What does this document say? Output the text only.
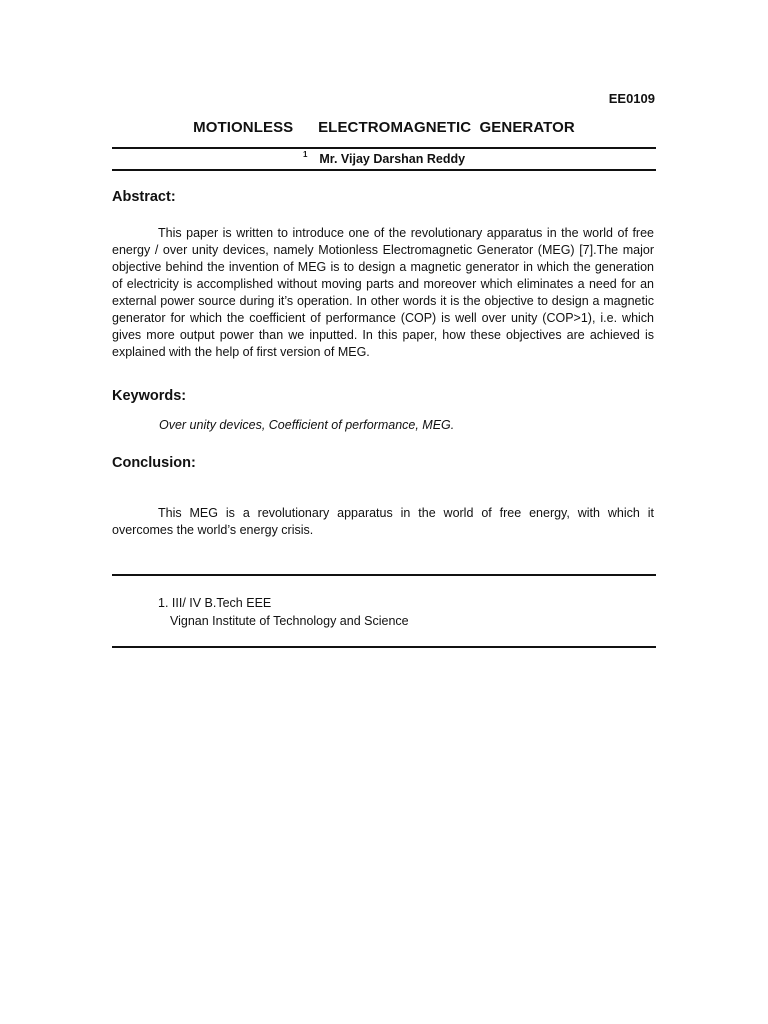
EE0109
MOTIONLESS   ELECTROMAGNETIC GENERATOR
$^1$ Mr. Vijay Darshan Reddy
Abstract:
This paper is written to introduce one of the revolutionary apparatus in the world of free energy / over unity devices, namely Motionless Electromagnetic Generator (MEG) [7].The major objective behind the invention of MEG is to design a magnetic generator in which the generation of electricity is accomplished without moving parts and moreover which eliminates a need for an external power source during it’s operation. In other words it is the objective to design a magnetic generator for which the coefficient of performance (COP) is well over unity (COP>1), i.e. which gives more output power than we inputted. In this paper, how these objectives are achieved is explained with the help of first version of MEG.
Keywords:
Over unity devices, Coefficient of performance, MEG.
Conclusion:
This MEG is a revolutionary apparatus in the world of free energy, with which it overcomes the world’s energy crisis.
1. III/ IV B.Tech EEE
Vignan Institute of Technology and Science
